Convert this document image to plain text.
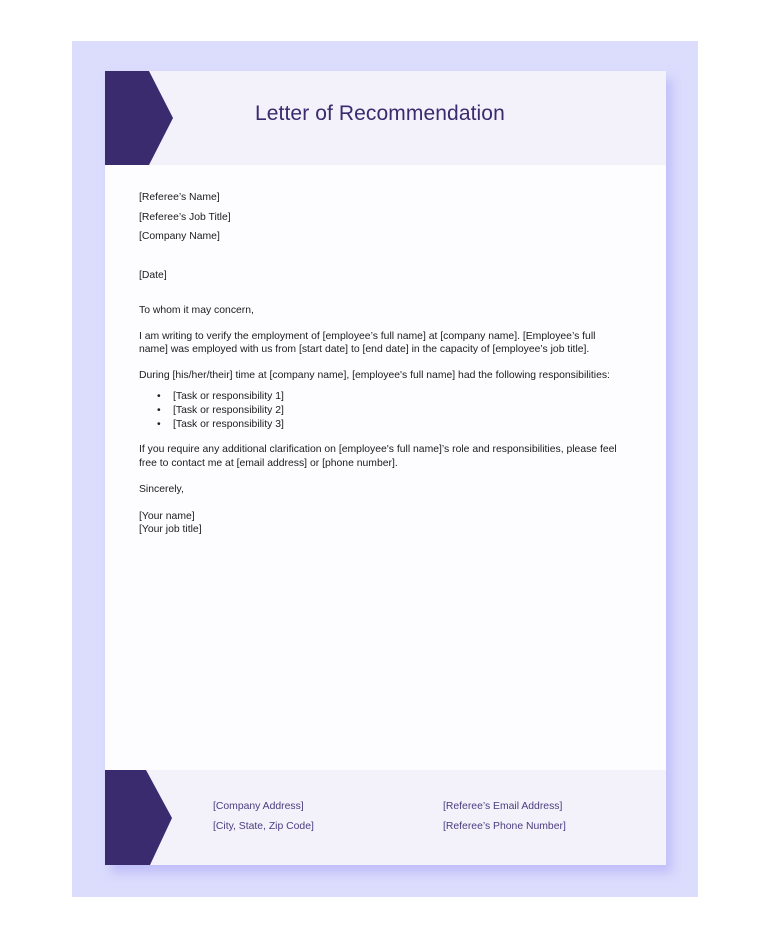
Letter of Recommendation
[Referee’s Name]
[Referee’s Job Title]
[Company Name]
[Date]
To whom it may concern,

I am writing to verify the employment of [employee’s full name] at [company name]. [Employee’s full
name] was employed with us from [start date] to [end date] in the capacity of [employee’s job title].

During [his/her/their] time at [company name], [employee's full name] had the following responsibilities:

• [Task or responsibility 1]
• [Task or responsibility 2]
• [Task or responsibility 3]

If you require any additional clarification on [employee's full name]’s role and responsibilities, please feel
free to contact me at [email address] or [phone number].

Sincerely,
[Your name]
[Your job title]
[Company Address]
[City, State, Zip Code]
[Referee’s Email Address]
[Referee’s Phone Number]
